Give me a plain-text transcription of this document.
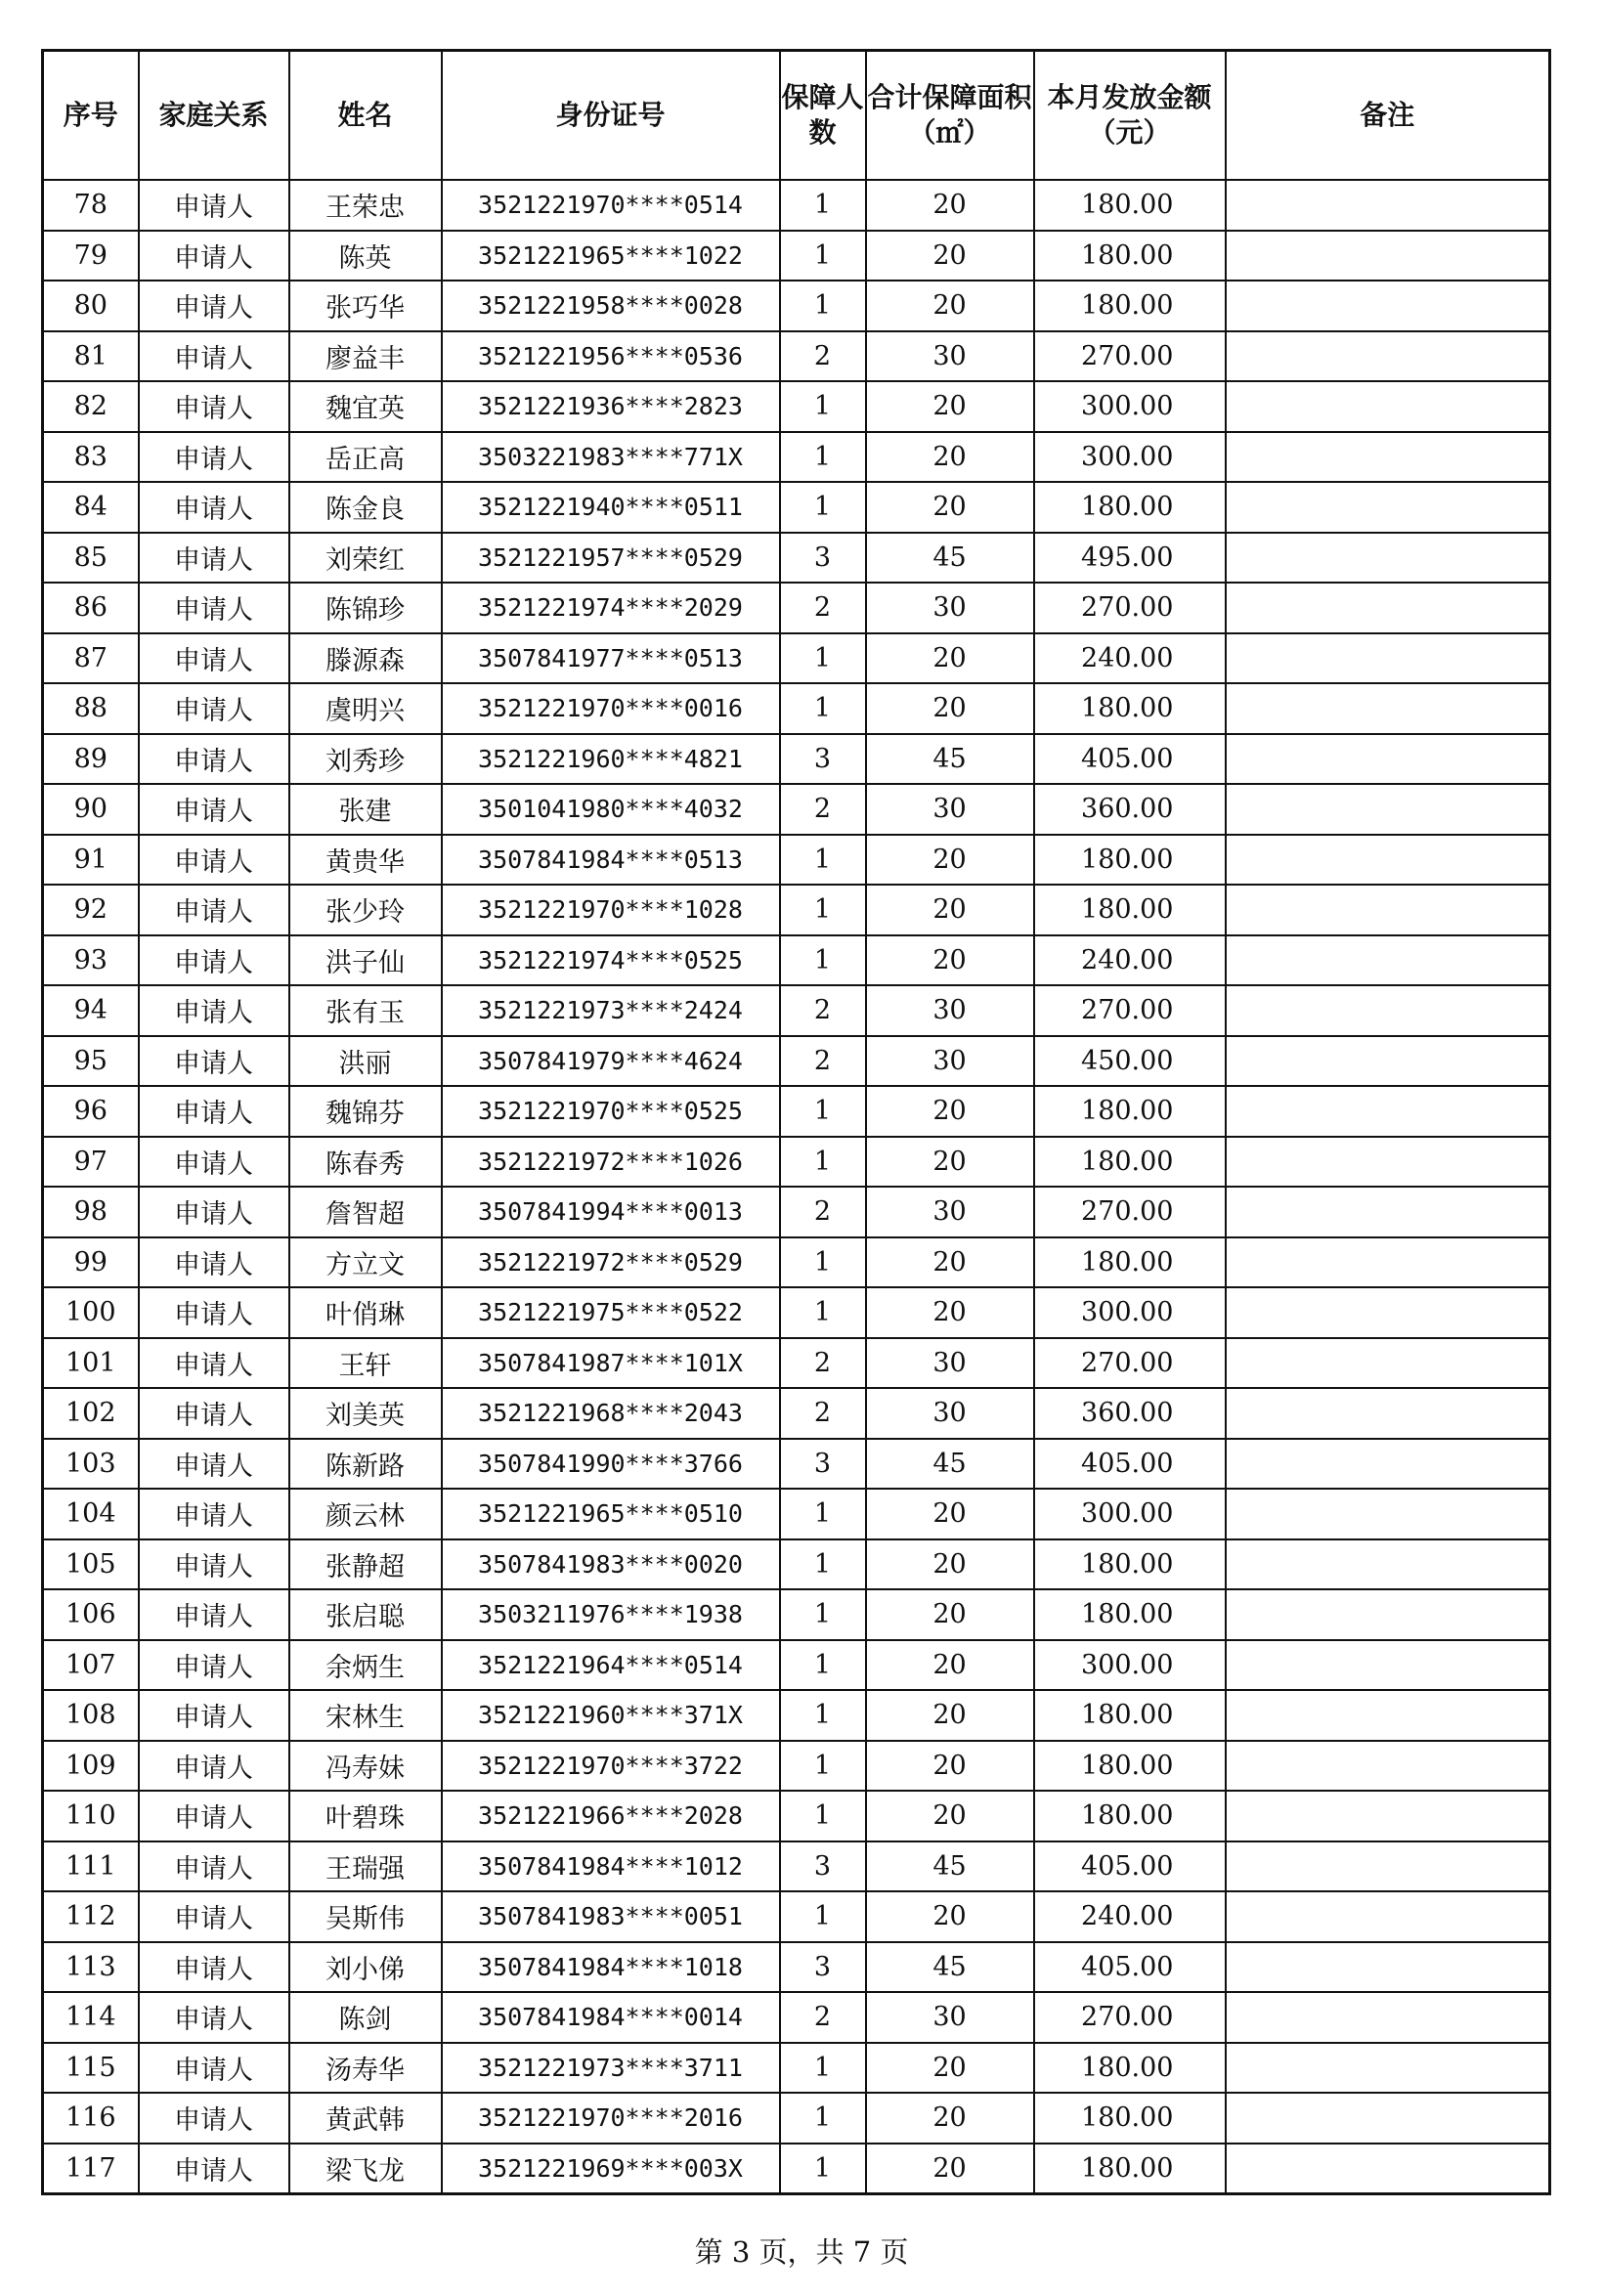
序号	家庭关系	姓名	身份证号	保障人数	合计保障面积（㎡）	本月发放金额（元）	备注
78	申请人	王荣忠	3521221970****0514	1	20	180.00	
79	申请人	陈英	3521221965****1022	1	20	180.00	
80	申请人	张巧华	3521221958****0028	1	20	180.00	
81	申请人	廖益丰	3521221956****0536	2	30	270.00	
82	申请人	魏宜英	3521221936****2823	1	20	300.00	
83	申请人	岳正高	3503221983****771X	1	20	300.00	
84	申请人	陈金良	3521221940****0511	1	20	180.00	
85	申请人	刘荣红	3521221957****0529	3	45	495.00	
86	申请人	陈锦珍	3521221974****2029	2	30	270.00	
87	申请人	滕源森	3507841977****0513	1	20	240.00	
88	申请人	虞明兴	3521221970****0016	1	20	180.00	
89	申请人	刘秀珍	3521221960****4821	3	45	405.00	
90	申请人	张建	3501041980****4032	2	30	360.00	
91	申请人	黄贵华	3507841984****0513	1	20	180.00	
92	申请人	张少玲	3521221970****1028	1	20	180.00	
93	申请人	洪子仙	3521221974****0525	1	20	240.00	
94	申请人	张有玉	3521221973****2424	2	30	270.00	
95	申请人	洪丽	3507841979****4624	2	30	450.00	
96	申请人	魏锦芬	3521221970****0525	1	20	180.00	
97	申请人	陈春秀	3521221972****1026	1	20	180.00	
98	申请人	詹智超	3507841994****0013	2	30	270.00	
99	申请人	方立文	3521221972****0529	1	20	180.00	
100	申请人	叶俏琳	3521221975****0522	1	20	300.00	
101	申请人	王轩	3507841987****101X	2	30	270.00	
102	申请人	刘美英	3521221968****2043	2	30	360.00	
103	申请人	陈新路	3507841990****3766	3	45	405.00	
104	申请人	颜云林	3521221965****0510	1	20	300.00	
105	申请人	张静超	3507841983****0020	1	20	180.00	
106	申请人	张启聪	3503211976****1938	1	20	180.00	
107	申请人	余炳生	3521221964****0514	1	20	300.00	
108	申请人	宋林生	3521221960****371X	1	20	180.00	
109	申请人	冯寿妹	3521221970****3722	1	20	180.00	
110	申请人	叶碧珠	3521221966****2028	1	20	180.00	
111	申请人	王瑞强	3507841984****1012	3	45	405.00	
112	申请人	吴斯伟	3507841983****0051	1	20	240.00	
113	申请人	刘小俤	3507841984****1018	3	45	405.00	
114	申请人	陈剑	3507841984****0014	2	30	270.00	
115	申请人	汤寿华	3521221973****3711	1	20	180.00	
116	申请人	黄武韩	3521221970****2016	1	20	180.00	
117	申请人	梁飞龙	3521221969****003X	1	20	180.00	
第 3 页，共 7 页
